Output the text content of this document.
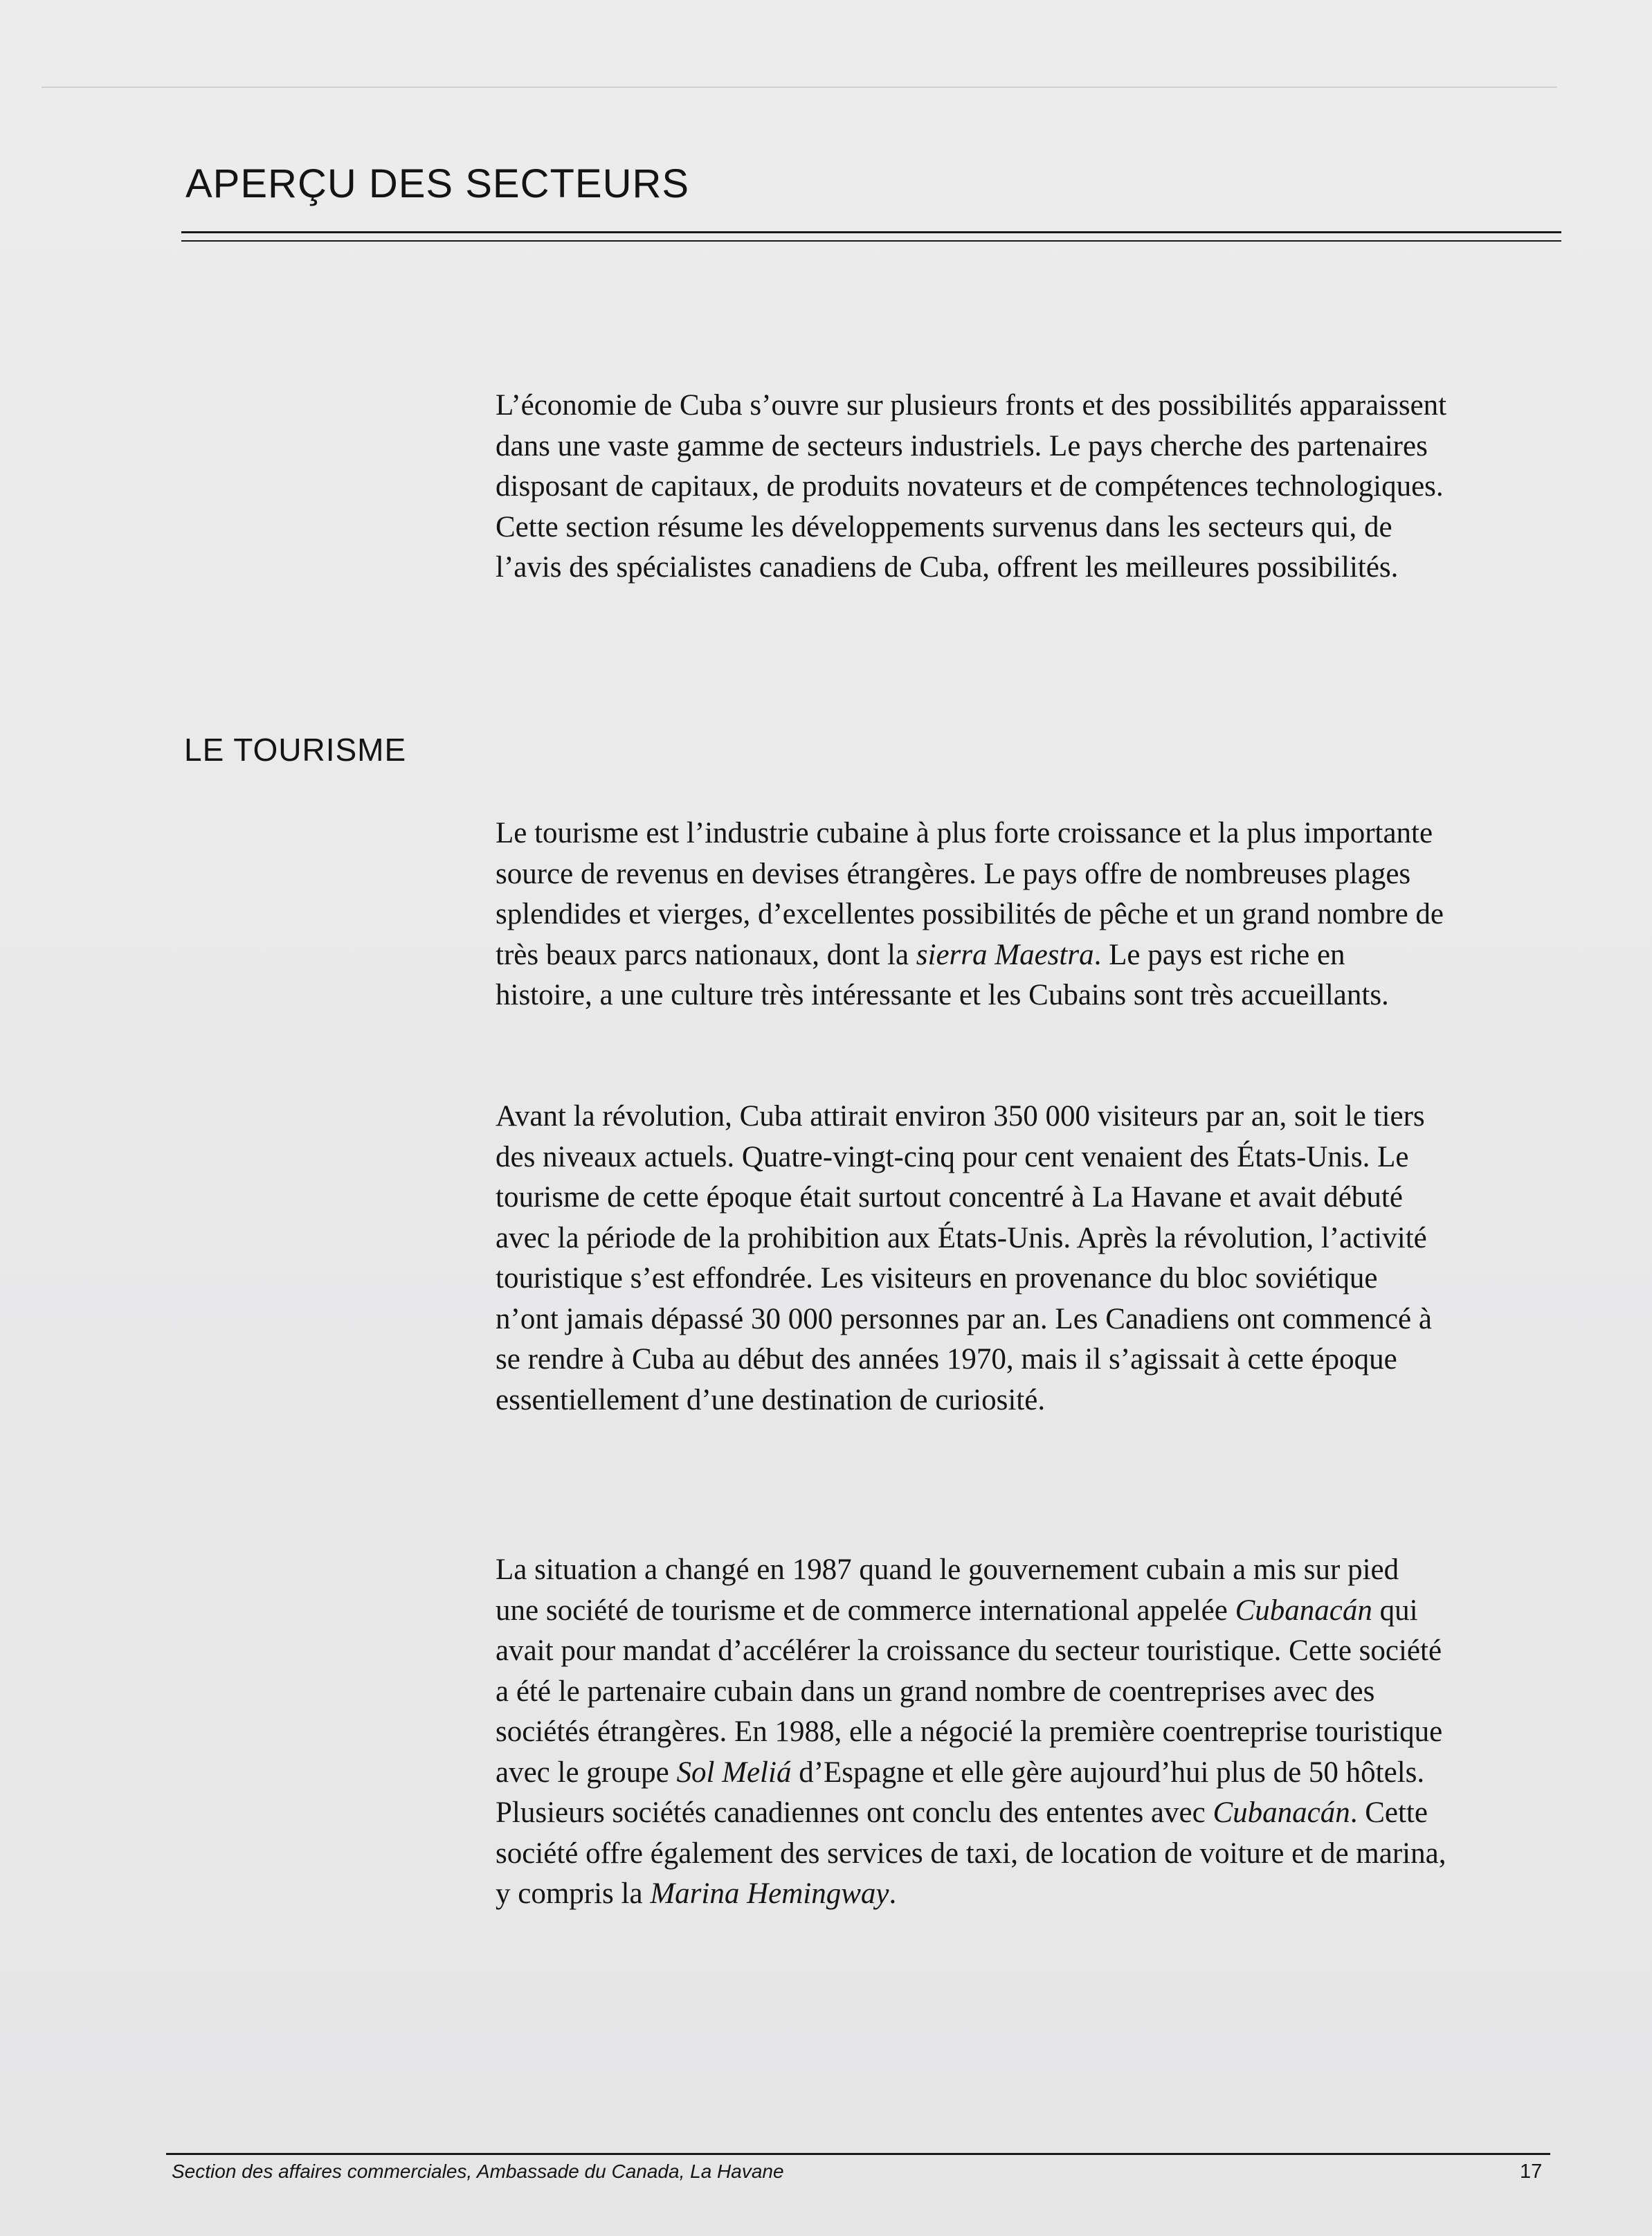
APERÇU DES SECTEURS

L’économie de Cuba s’ouvre sur plusieurs fronts et des possibilités apparaissent dans une vaste gamme de secteurs industriels. Le pays cherche des partenaires disposant de capitaux, de produits novateurs et de compétences technologiques. Cette section résume les développements survenus dans les secteurs qui, de l’avis des spécialistes canadiens de Cuba, offrent les meilleures possibilités.

LE TOURISME

Le tourisme est l’industrie cubaine à plus forte croissance et la plus importante source de revenus en devises étrangères. Le pays offre de nombreuses plages splendides et vierges, d’excellentes possibilités de pêche et un grand nombre de très beaux parcs nationaux, dont la sierra Maestra. Le pays est riche en histoire, a une culture très intéressante et les Cubains sont très accueillants.

Avant la révolution, Cuba attirait environ 350 000 visiteurs par an, soit le tiers des niveaux actuels. Quatre-vingt-cinq pour cent venaient des États-Unis. Le tourisme de cette époque était surtout concentré à La Havane et avait débuté avec la période de la prohibition aux États-Unis. Après la révolution, l’activité touristique s’est effondrée. Les visiteurs en provenance du bloc soviétique n’ont jamais dépassé 30 000 personnes par an. Les Canadiens ont commencé à se rendre à Cuba au début des années 1970, mais il s’agissait à cette époque essentiellement d’une destination de curiosité.

La situation a changé en 1987 quand le gouvernement cubain a mis sur pied une société de tourisme et de commerce international appelée Cubanacán qui avait pour mandat d’accélérer la croissance du secteur touristique. Cette société a été le partenaire cubain dans un grand nombre de coentreprises avec des sociétés étrangères. En 1988, elle a négocié la première coentreprise touristique avec le groupe Sol Meliá d’Espagne et elle gère aujourd’hui plus de 50 hôtels. Plusieurs sociétés canadiennes ont conclu des ententes avec Cubanacán. Cette société offre également des services de taxi, de location de voiture et de marina, y compris la Marina Hemingway.

Section des affaires commerciales, Ambassade du Canada, La Havane	17
